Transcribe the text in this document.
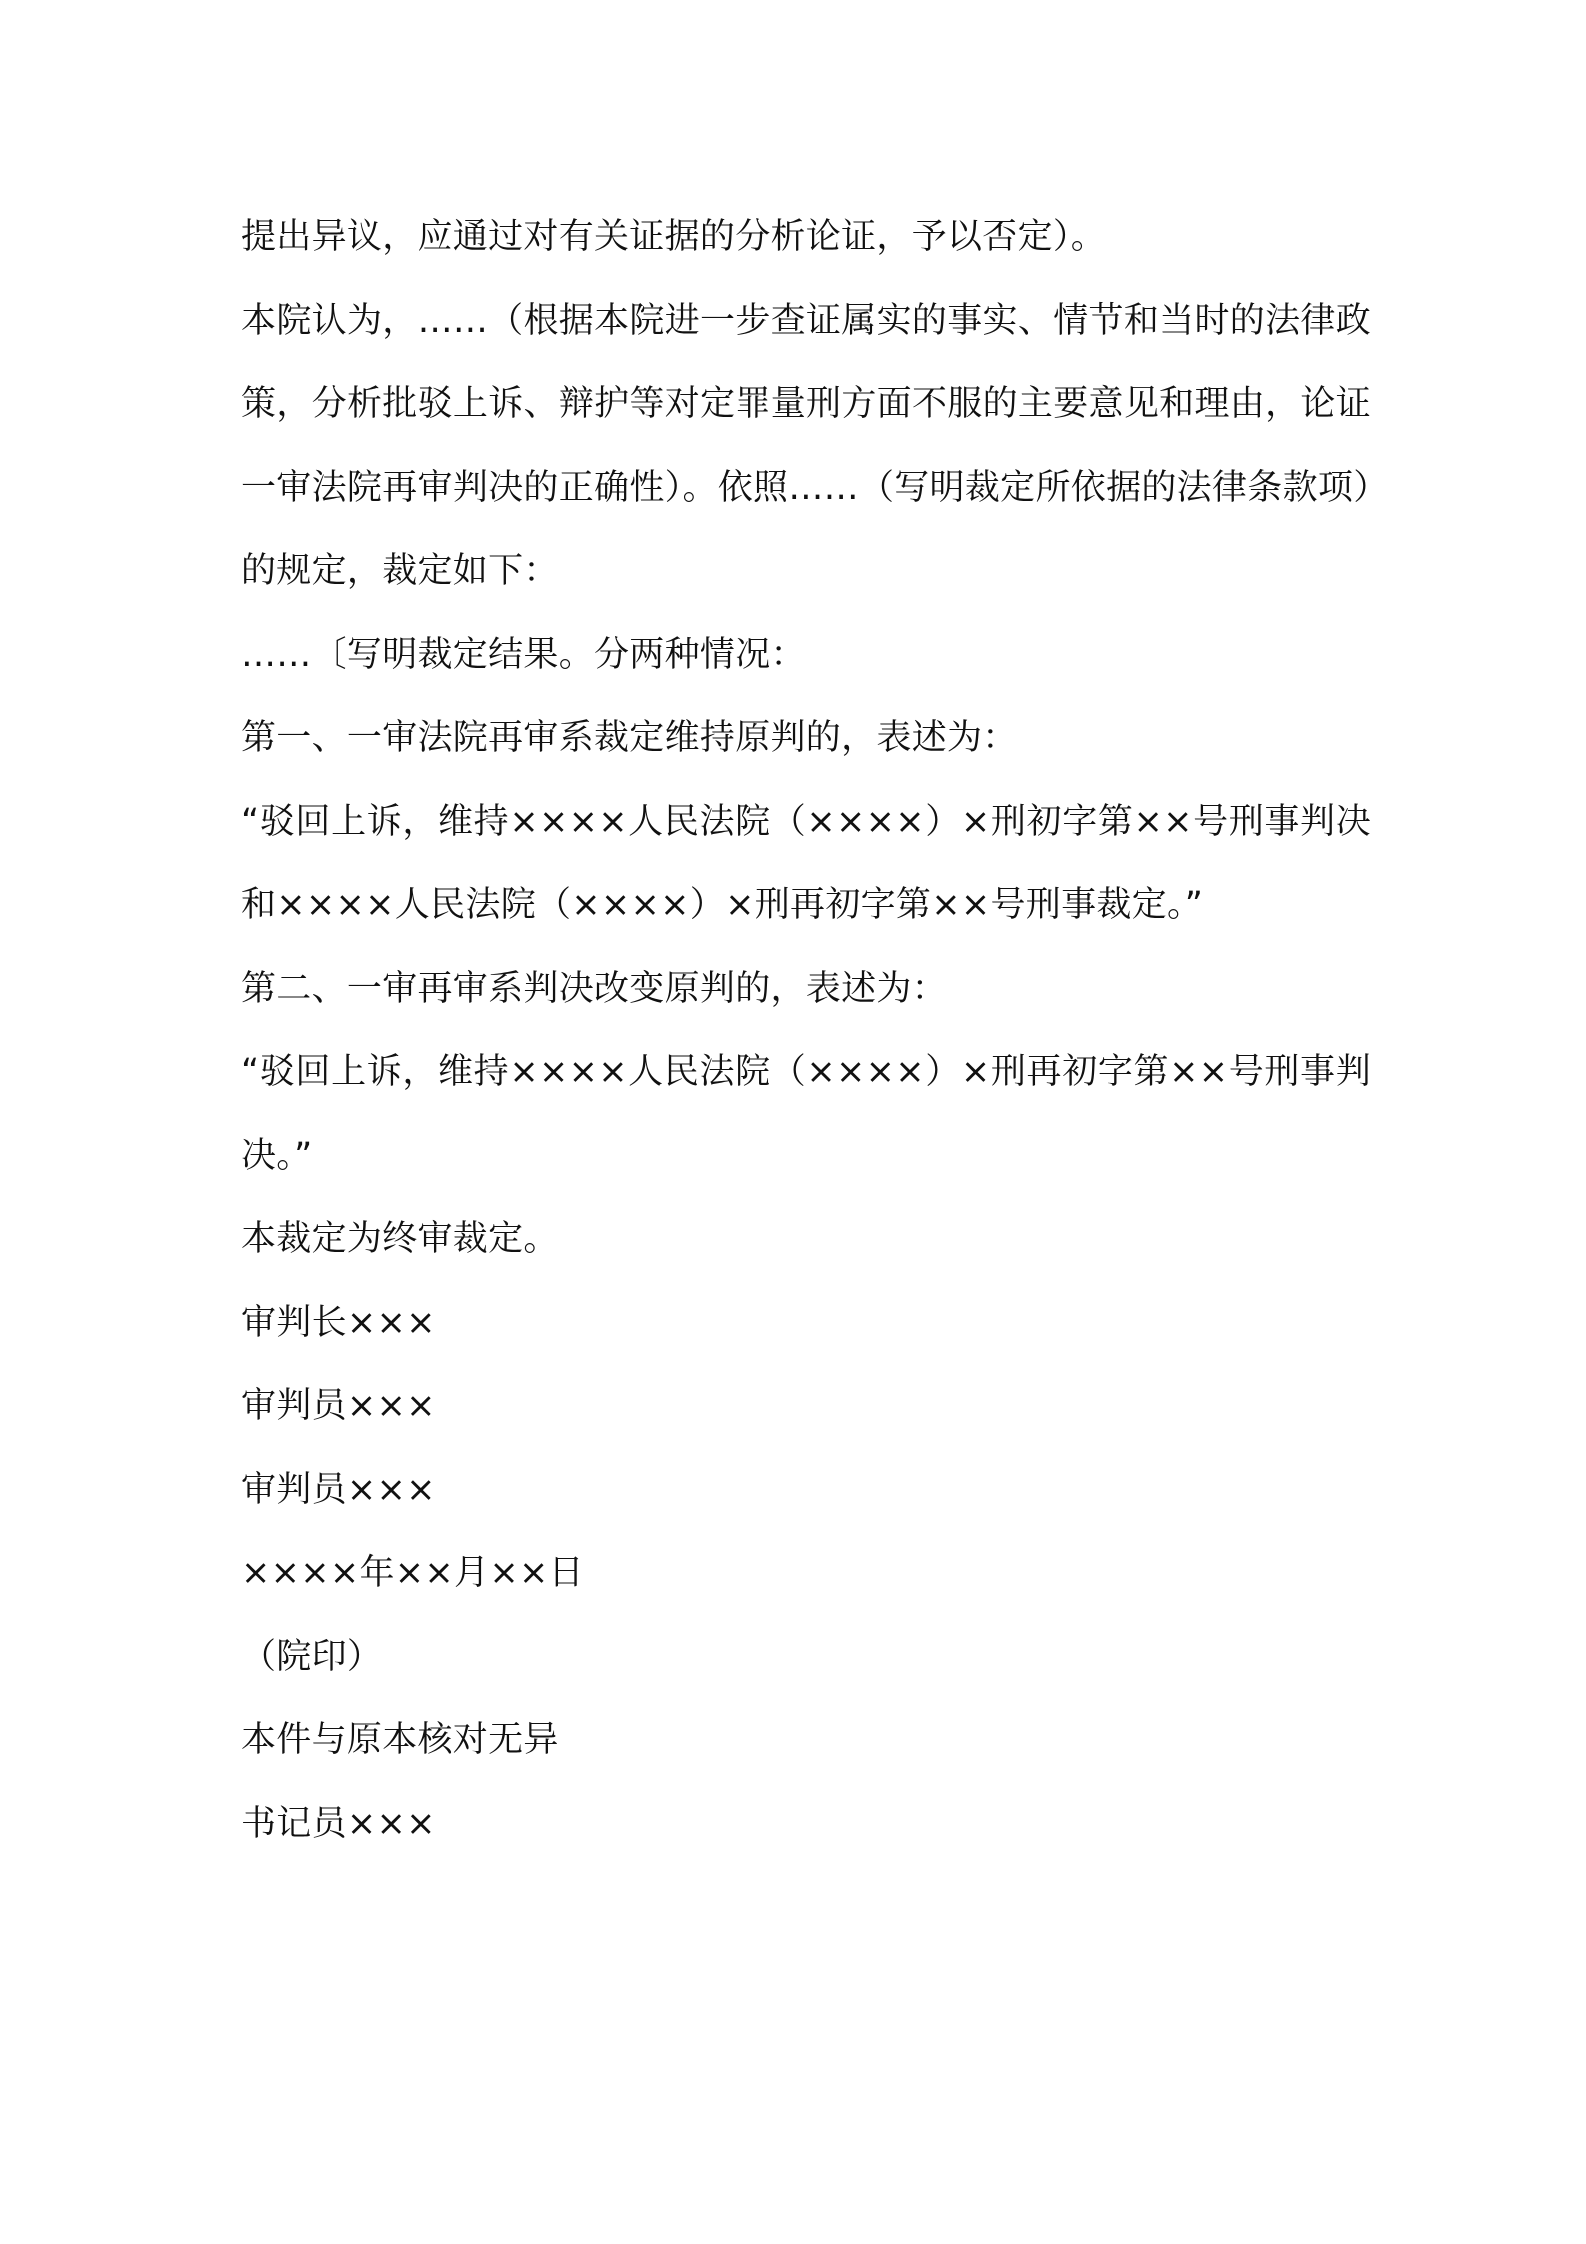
提出异议，应通过对有关证据的分析论证，予以否定）。

本院认为，……（根据本院进一步查证属实的事实、情节和当时的法律政策，分析批驳上诉、辩护等对定罪量刑方面不服的主要意见和理由，论证一审法院再审判决的正确性）。依照……（写明裁定所依据的法律条款项）的规定，裁定如下：

……〔写明裁定结果。分两种情况：

第一、一审法院再审系裁定维持原判的，表述为：

“驳回上诉，维持××××人民法院（××××）×刑初字第××号刑事判决和××××人民法院（××××）×刑再初字第××号刑事裁定。”

第二、一审再审系判决改变原判的，表述为：

“驳回上诉，维持××××人民法院（××××）×刑再初字第××号刑事判决。”

本裁定为终审裁定。

审判长×××

审判员×××

审判员×××

××××年××月××日

（院印）

本件与原本核对无异

书记员×××
